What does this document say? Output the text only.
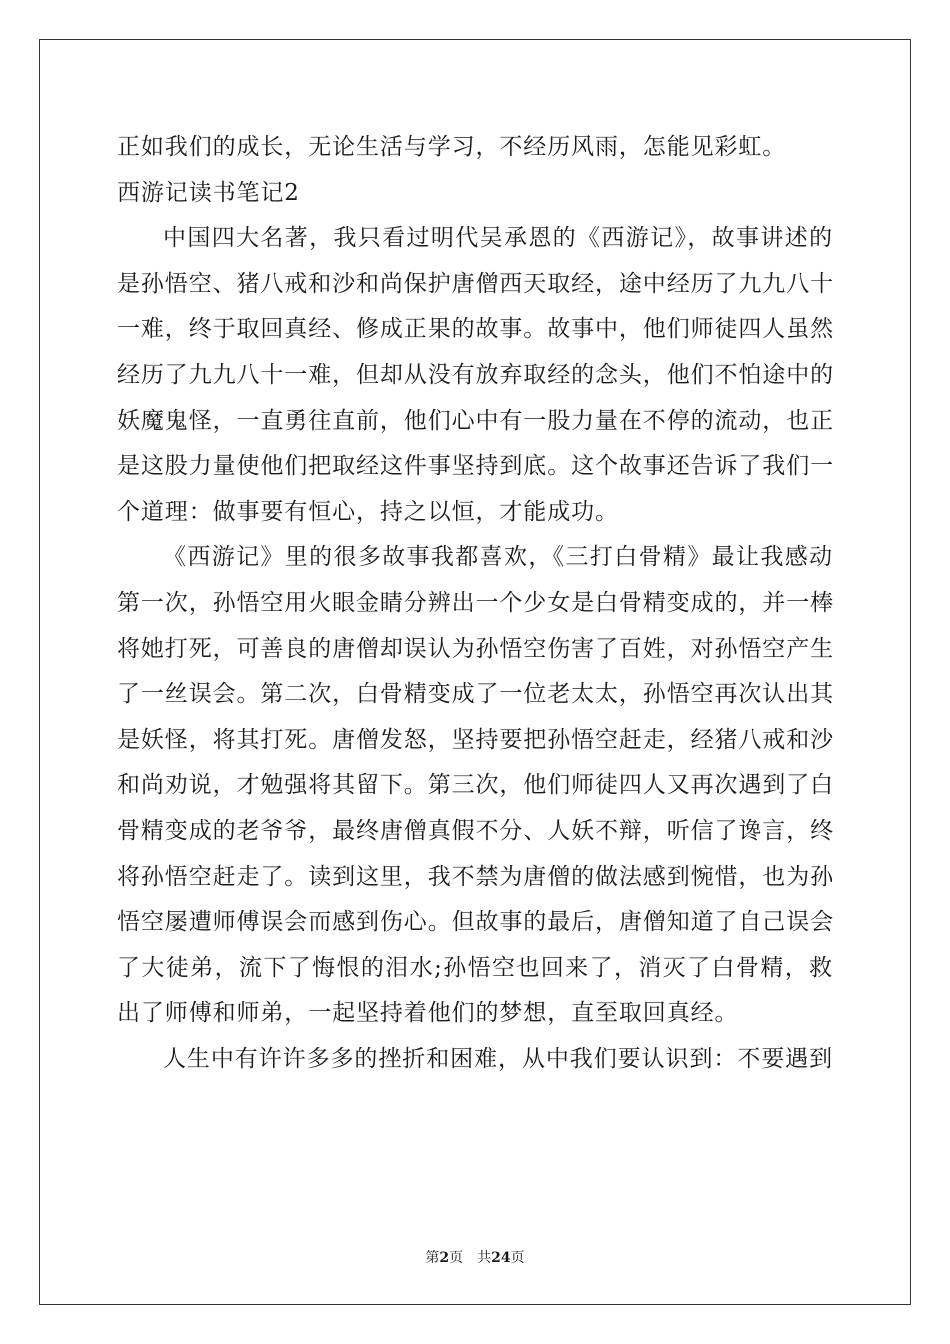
正如我们的成长，无论生活与学习，不经历风雨，怎能见彩虹。
西游记读书笔记2
中国四大名著，我只看过明代吴承恩的《西游记》，故事讲述的
是孙悟空、猪八戒和沙和尚保护唐僧西天取经，途中经历了九九八十
一难，终于取回真经、修成正果的故事。故事中，他们师徒四人虽然
经历了九九八十一难，但却从没有放弃取经的念头，他们不怕途中的
妖魔鬼怪，一直勇往直前，他们心中有一股力量在不停的流动，也正
是这股力量使他们把取经这件事坚持到底。这个故事还告诉了我们一
个道理：做事要有恒心，持之以恒，才能成功。
《西游记》里的很多故事我都喜欢，《三打白骨精》最让我感动
第一次，孙悟空用火眼金睛分辨出一个少女是白骨精变成的，并一棒
将她打死，可善良的唐僧却误认为孙悟空伤害了百姓，对孙悟空产生
了一丝误会。第二次，白骨精变成了一位老太太，孙悟空再次认出其
是妖怪，将其打死。唐僧发怒，坚持要把孙悟空赶走，经猪八戒和沙
和尚劝说，才勉强将其留下。第三次，他们师徒四人又再次遇到了白
骨精变成的老爷爷，最终唐僧真假不分、人妖不辩，听信了谗言，终
将孙悟空赶走了。读到这里，我不禁为唐僧的做法感到惋惜，也为孙
悟空屡遭师傅误会而感到伤心。但故事的最后，唐僧知道了自己误会
了大徒弟，流下了悔恨的泪水;孙悟空也回来了，消灭了白骨精，救
出了师傅和师弟，一起坚持着他们的梦想，直至取回真经。
人生中有许许多多的挫折和困难，从中我们要认识到：不要遇到
第2页 共24页
